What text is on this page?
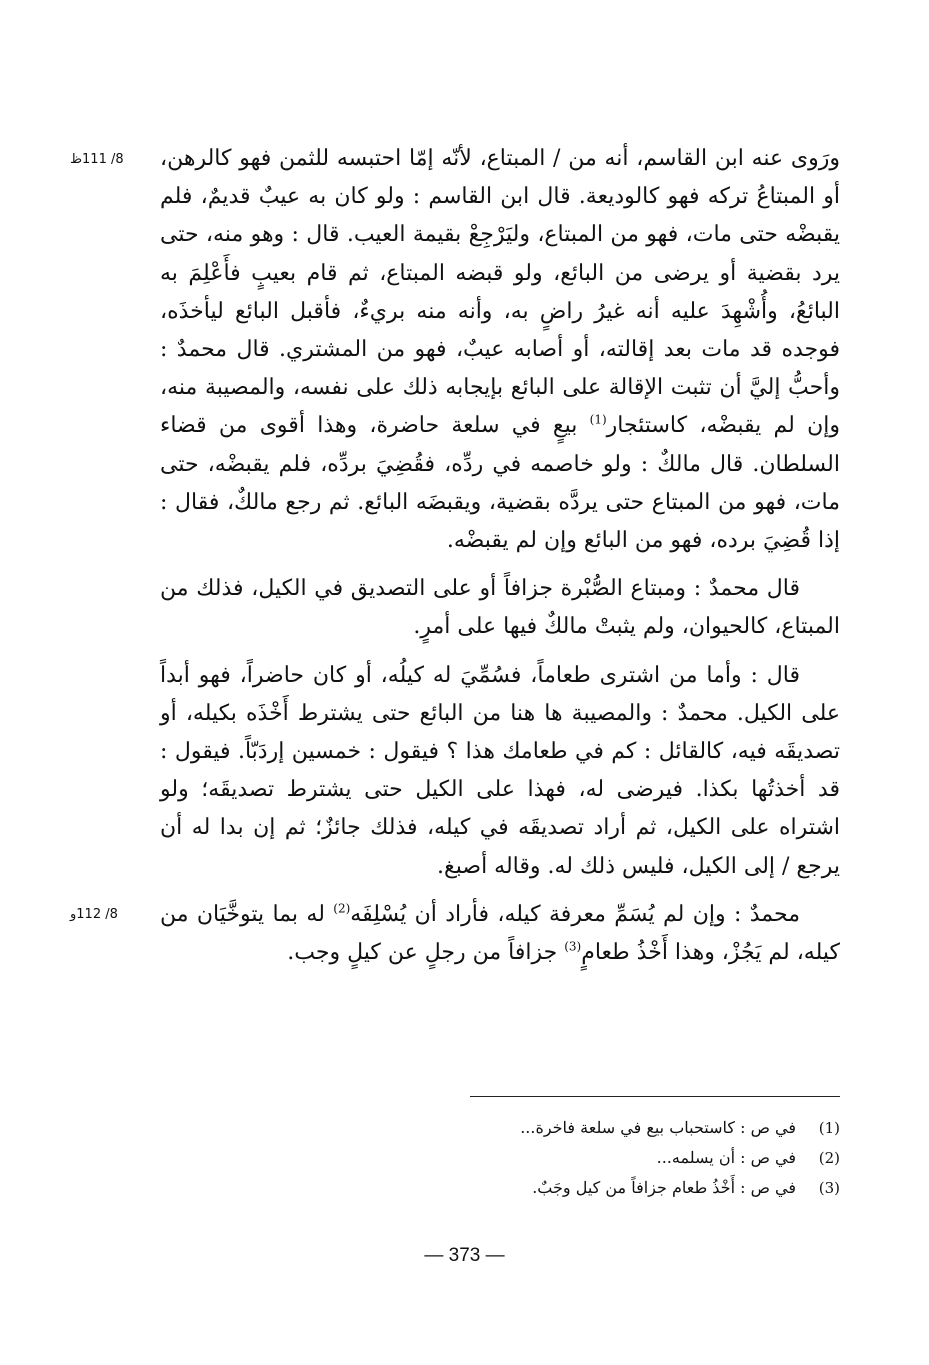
8/ 111ظ
8/ 112و

ورَوى عنه ابن القاسم، أنه من / المبتاع، لأنّه إمّا احتبسه للثمن فهو كالرهن، أو المبتاعُ تركه فهو كالوديعة. قال ابن القاسم : ولو كان به عيبٌ قديمٌ، فلم يقبضْه حتى مات، فهو من المبتاع، وليَرْجِعْ بقيمة العيب. قال : وهو منه، حتى يرد بقضية أو يرضى من البائع، ولو قبضه المبتاع، ثم قام بعيبٍ فأَعْلِمَ به البائعُ، وأُشْهِدَ عليه أنه غيرُ راضٍ به، وأنه منه بريءٌ، فأقبل البائع ليأخذَه، فوجده قد مات بعد إقالته، أو أصابه عيبٌ، فهو من المشتري. قال محمدٌ : وأحبُّ إليَّ أن تثبت الإقالة على البائع بإيجابه ذلك على نفسه، والمصيبة منه، وإن لم يقبضْه، كاستئجار$^{(1)}$ بيعٍ في سلعة حاضرة، وهذا أقوى من قضاء السلطان. قال مالكٌ : ولو خاصمه في ردِّه، فقُضِيَ بردِّه، فلم يقبضْه، حتى مات، فهو من المبتاع حتى يردَّه بقضية، ويقبضَه البائع. ثم رجع مالكٌ، فقال : إذا قُضِيَ برده، فهو من البائع وإن لم يقبضْه.

قال محمدٌ : ومبتاع الصُّبْرة جزافاً أو على التصديق في الكيل، فذلك من المبتاع، كالحيوان، ولم يثبتْ مالكٌ فيها على أمرٍ.

قال : وأما من اشترى طعاماً، فسُمِّيَ له كيلُه، أو كان حاضراً، فهو أبداً على الكيل. محمدٌ : والمصيبة ها هنا من البائع حتى يشترط أَخْذَه بكيله، أو تصديقَه فيه، كالقائل : كم في طعامك هذا ؟ فيقول : خمسين إردَبّاً. فيقول : قد أخذتُها بكذا. فيرضى له، فهذا على الكيل حتى يشترط تصديقَه؛ ولو اشتراه على الكيل، ثم أراد تصديقَه في كيله، فذلك جائزٌ؛ ثم إن بدا له أن يرجع / إلى الكيل، فليس ذلك له. وقاله أصبغ.

محمدٌ : وإن لم يُسَمِّ معرفة كيله، فأراد أن يُسْلِفَه$^{(2)}$ له بما يتوخَّيَان من كيله، لم يَجُزْ، وهذا أَخْذُ طعامٍ$^{(3)}$ جزافاً من رجلٍ عن كيلٍ وجب.

(1)
في ص : كاستحباب بيع في سلعة فاخرة...
(2)
في ص : أن يسلمه...
(3)
في ص : أَخْذُ طعام جزافاً من كيل وجَبٌ.
— 373 —
